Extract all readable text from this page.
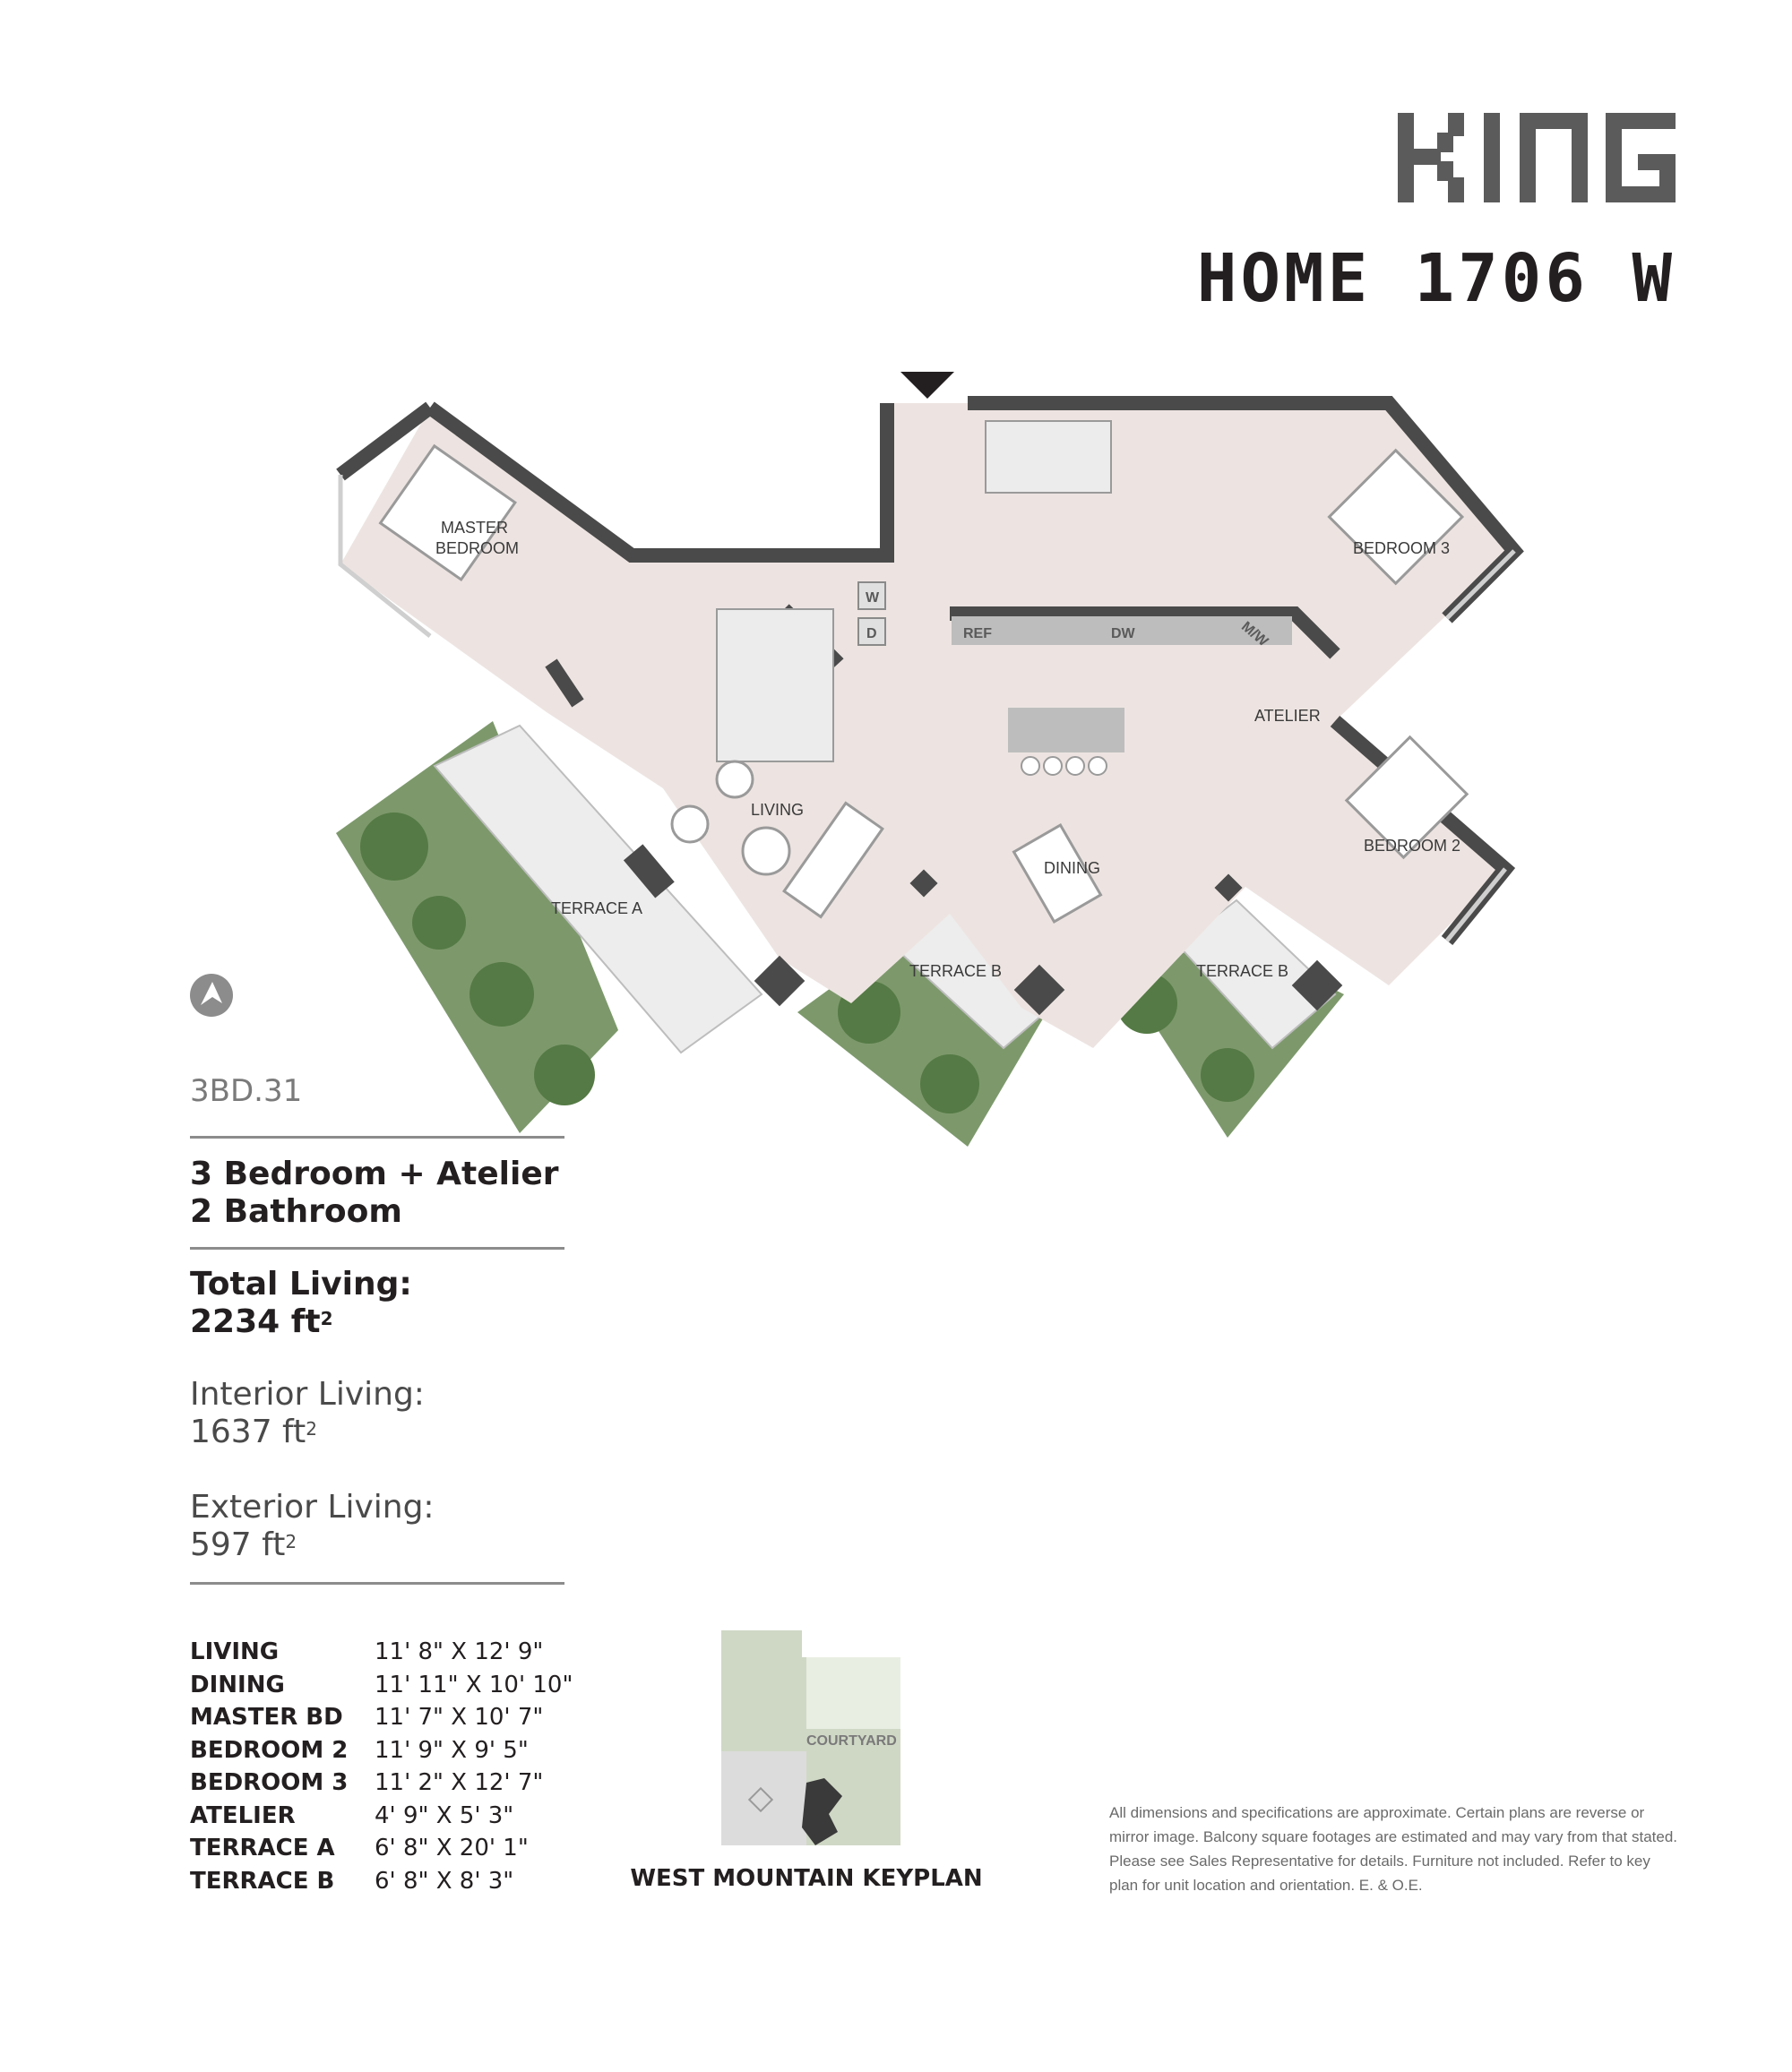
HOME 1706 W
REF	DW	M/W
W
D
MASTER
BEDROOM	BEDROOM 3
BEDROOM 2
ATELIER
LIVING
DINING
TERRACE A
TERRACE B	TERRACE B
3BD.31
3 Bedroom + Atelier
2 Bathroom
Total Living:
2234 $ft^2$
Interior Living:
1637 $ft^2$
Exterior Living:
597 $ft^2$
LIVING	11' 8" X 12' 9"
DINING	11' 11" X 10' 10"
MASTER BD	11' 7" X 10' 7"
BEDROOM 2	11' 9" X 9' 5"
BEDROOM 3	11' 2" X 12' 7"
ATELIER	4' 9" X 5' 3"
TERRACE A	6' 8" X 20' 1"
TERRACE B	6' 8" X 8' 3"
COURTYARD
WEST MOUNTAIN KEYPLAN
All dimensions and specifications are approximate. Certain plans are reverse or mirror image. Balcony square footages are estimated and may vary from that stated. Please see Sales Representative for details. Furniture not included. Refer to key plan for unit location and orientation. E. & O.E.
